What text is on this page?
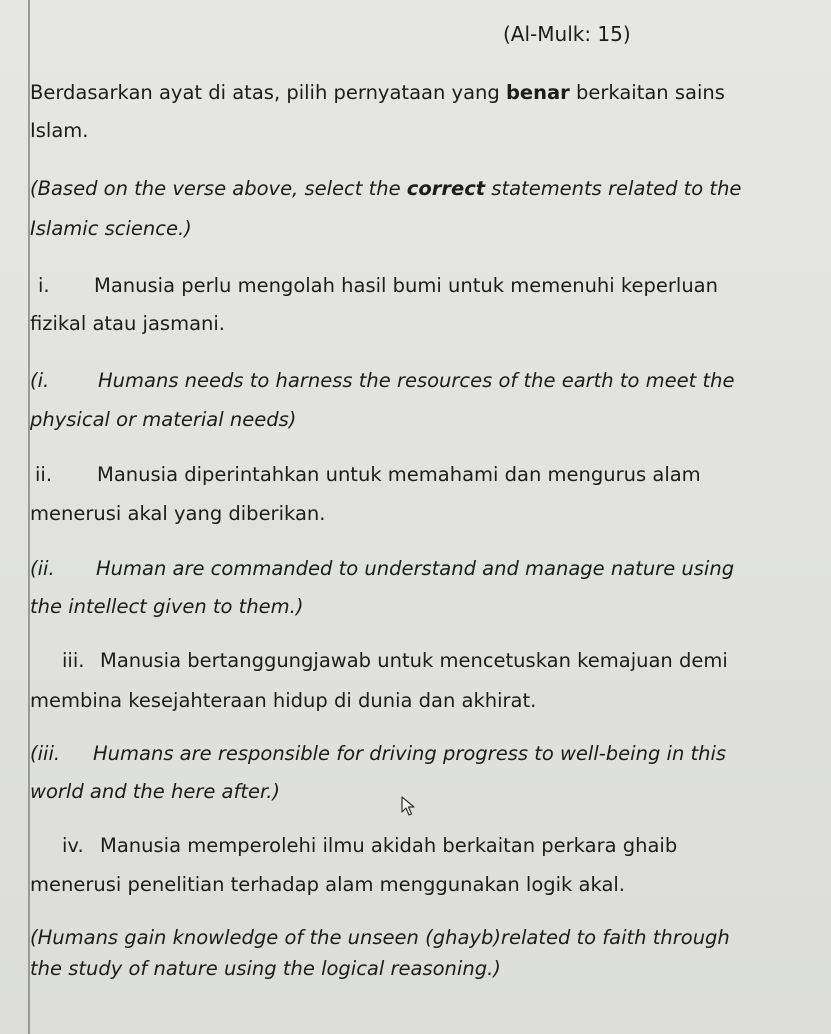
(Al-Mulk: 15)
Berdasarkan ayat di atas, pilih pernyataan yang benar berkaitan sains
Islam.
(Based on the verse above, select the correct statements related to the
Islamic science.)
i. Manusia perlu mengolah hasil bumi untuk memenuhi keperluan
fizikal atau jasmani.
(i.	Humans needs to harness the resources of the earth to meet the
physical or material needs)
ii. Manusia diperintahkan untuk memahami dan mengurus alam
menerusi akal yang diberikan.
(ii. Human are commanded to understand and manage nature using
the intellect given to them.)
iii. Manusia bertanggungjawab untuk mencetuskan kemajuan demi
membina kesejahteraan hidup di dunia dan akhirat.
(iii. Humans are responsible for driving progress to well-being in this
world and the here after.)
iv. Manusia memperolehi ilmu akidah berkaitan perkara ghaib
menerusi penelitian terhadap alam menggunakan logik akal.
(Humans gain knowledge of the unseen (ghayb)related to faith through
the study of nature using the logical reasoning.)
